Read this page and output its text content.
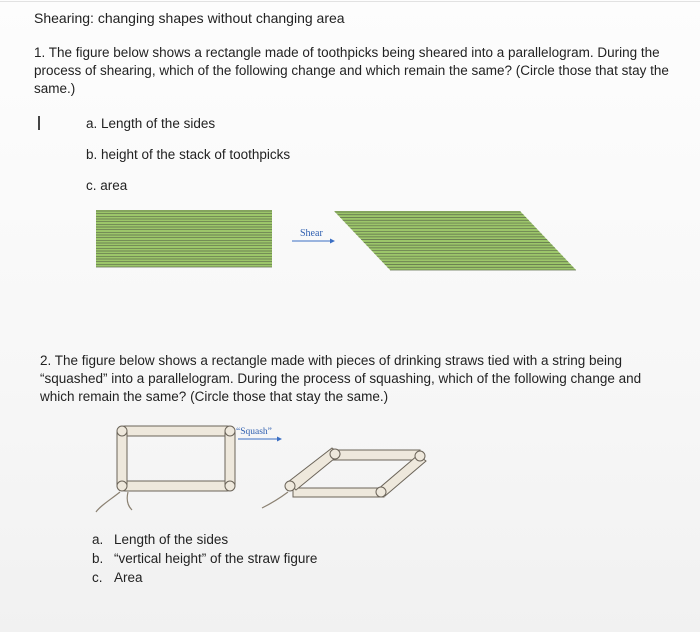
Shearing: changing shapes without changing area
1. The figure below shows a rectangle made of toothpicks being sheared into a parallelogram. During the process of shearing, which of the following change and which remain the same? (Circle those that stay the same.)
a. Length of the sides
b. height of the stack of toothpicks
c. area
Shear
2. The figure below shows a rectangle made with pieces of drinking straws tied with a string being “squashed” into a parallelogram. During the process of squashing, which of the following change and which remain the same? (Circle those that stay the same.)
“Squash”
a. Length of the sides
b. “vertical height” of the straw figure
c. Area
